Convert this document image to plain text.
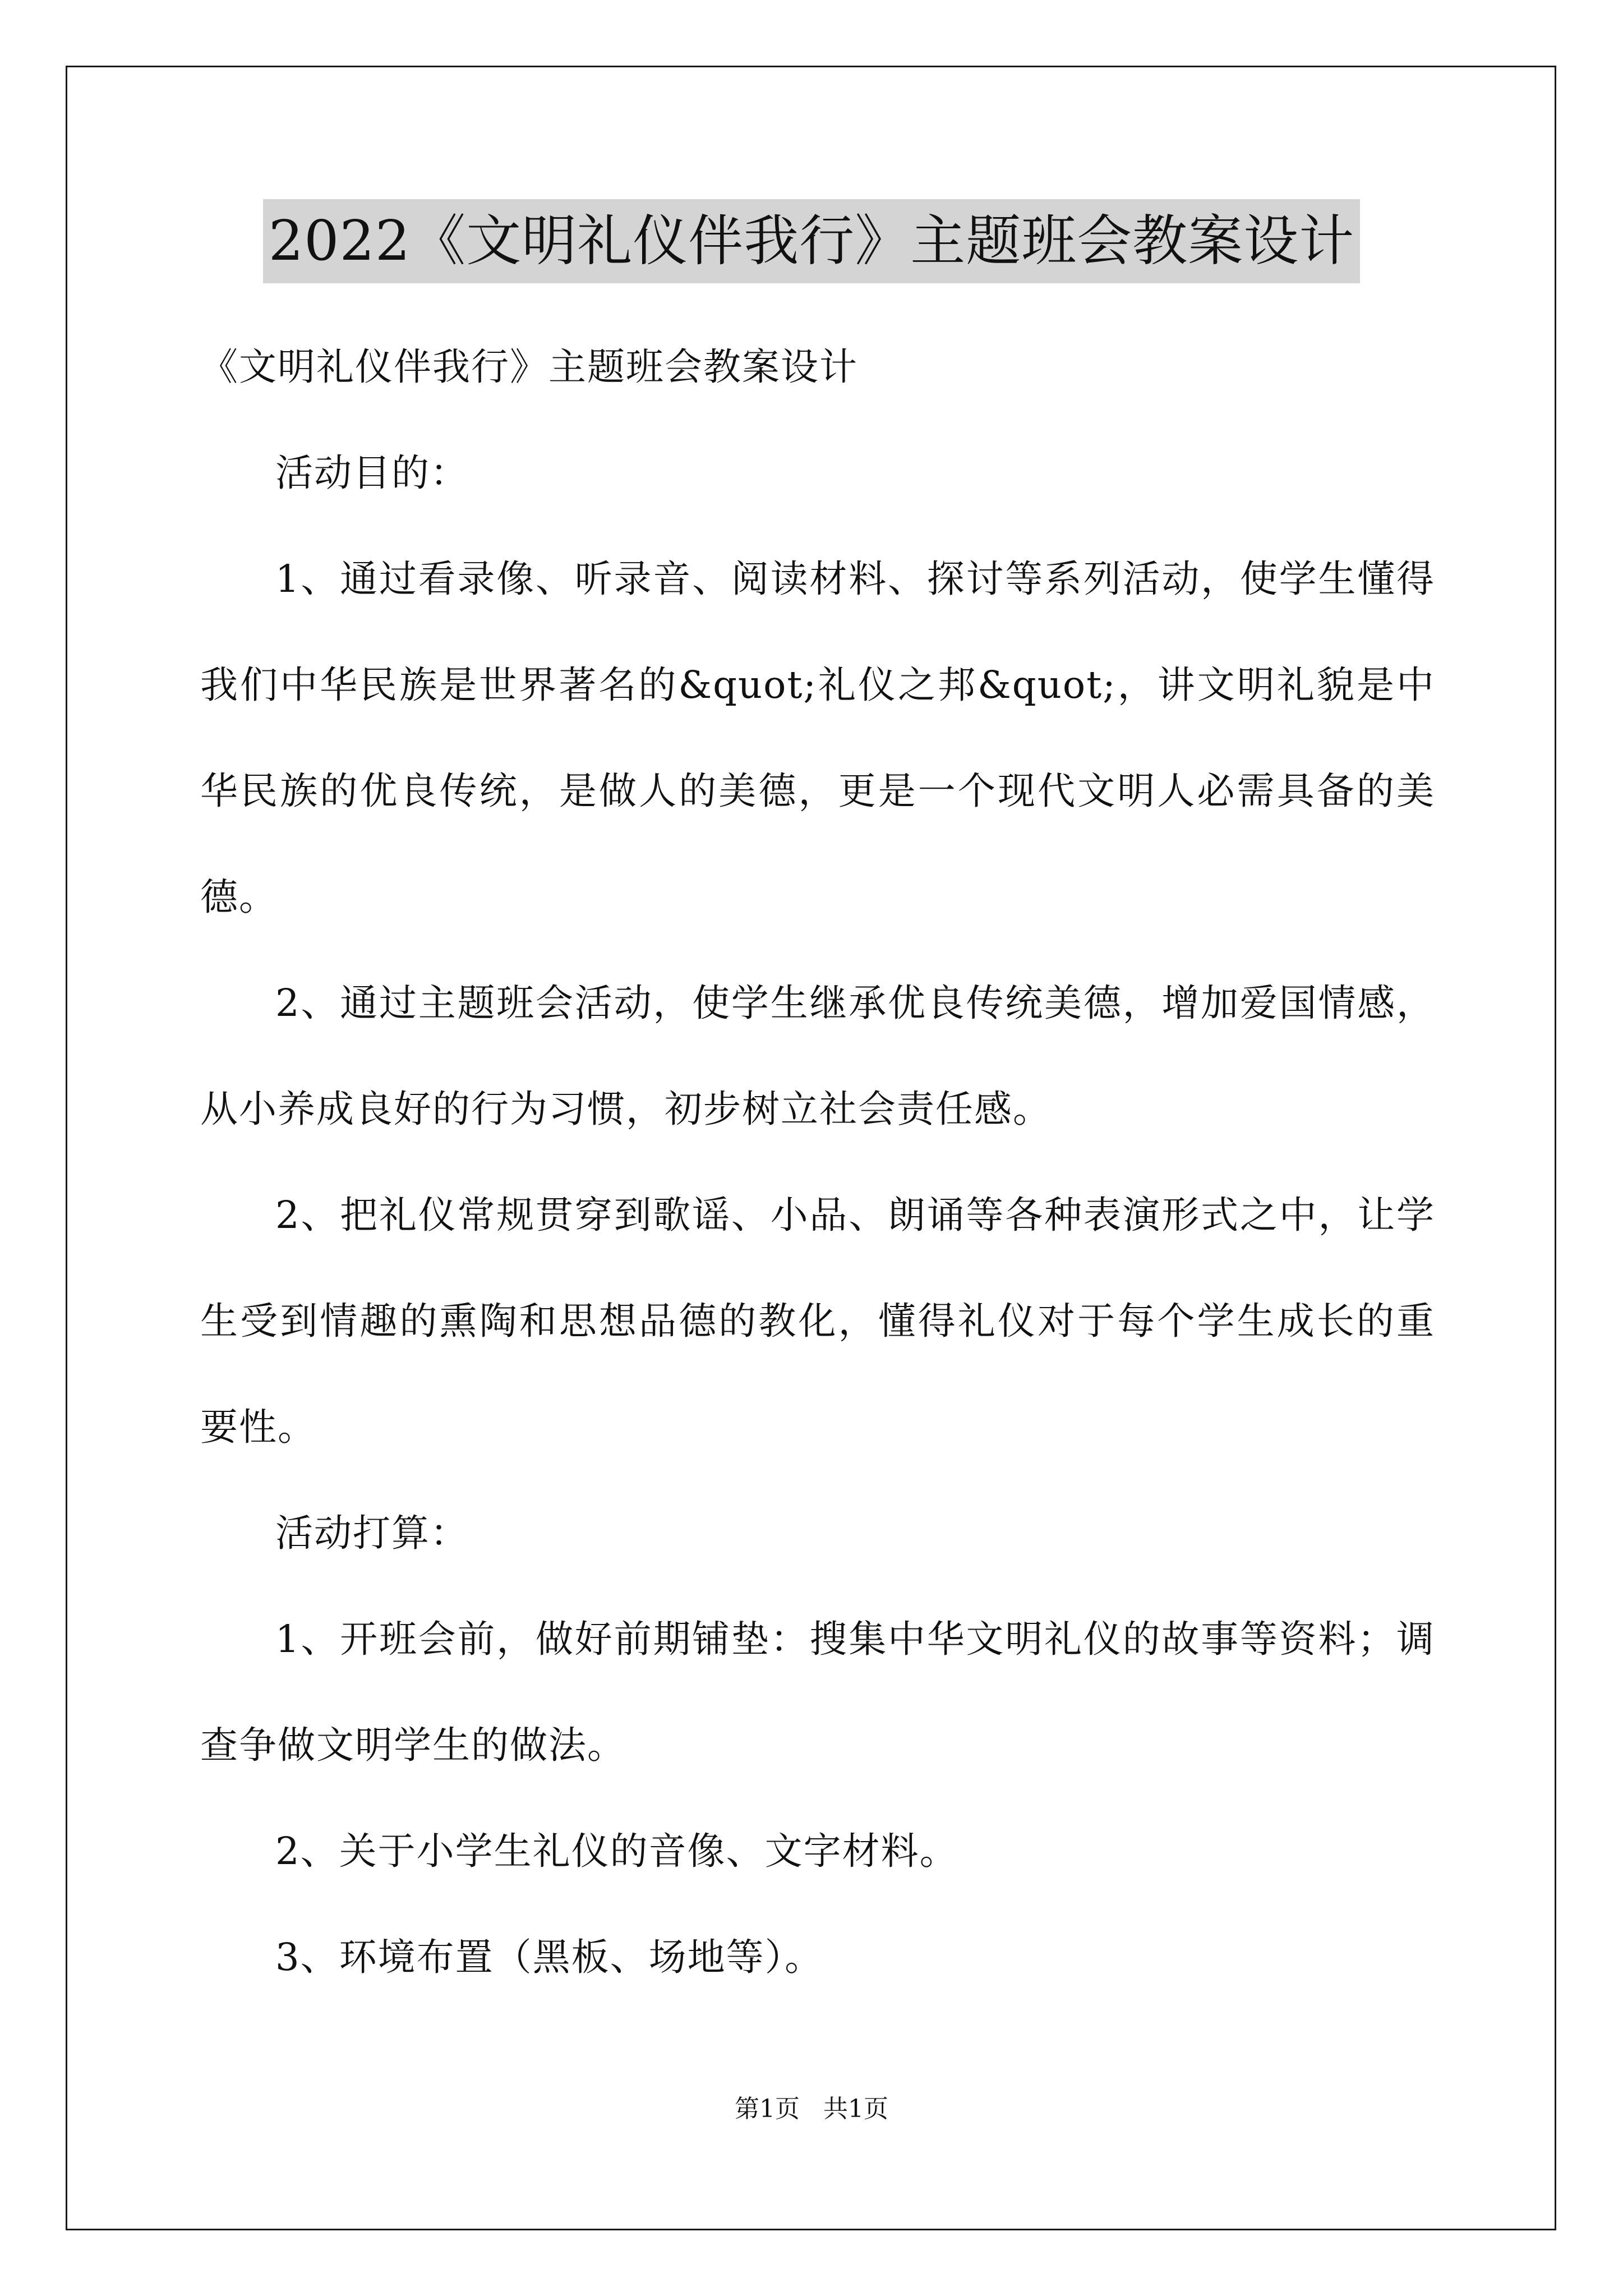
2022《文明礼仪伴我行》主题班会教案设计

《文明礼仪伴我行》主题班会教案设计

活动目的：

1、通过看录像、听录音、阅读材料、探讨等系列活动，使学生懂得我们中华民族是世界著名的&quot;礼仪之邦&quot;，讲文明礼貌是中华民族的优良传统，是做人的美德，更是一个现代文明人必需具备的美德。

2、通过主题班会活动，使学生继承优良传统美德，增加爱国情感，从小养成良好的行为习惯，初步树立社会责任感。

2、把礼仪常规贯穿到歌谣、小品、朗诵等各种表演形式之中，让学生受到情趣的熏陶和思想品德的教化，懂得礼仪对于每个学生成长的重要性。

活动打算：

1、开班会前，做好前期铺垫：搜集中华文明礼仪的故事等资料；调查争做文明学生的做法。

2、关于小学生礼仪的音像、文字材料。

3、环境布置（黑板、场地等）。

第1页   共1页
